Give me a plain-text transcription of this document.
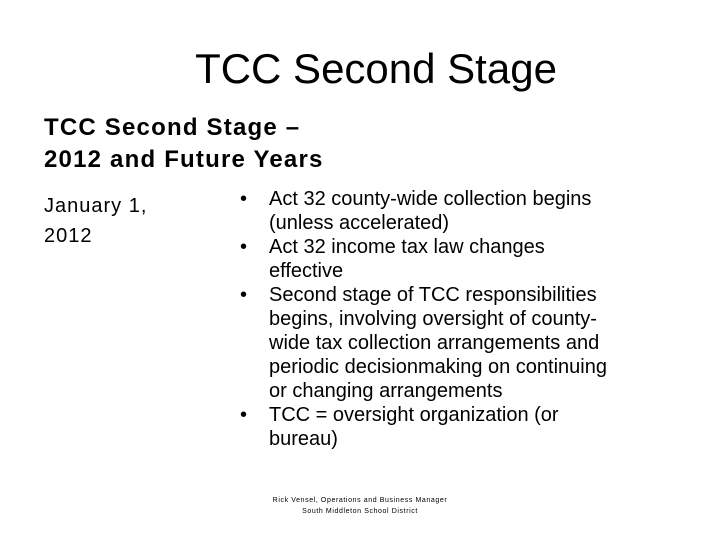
TCC Second Stage
TCC Second Stage –
2012 and Future Years
January 1,
2012
• Act 32 county-wide collection begins
(unless accelerated)
• Act 32 income tax law changes
effective
• Second stage of TCC responsibilities
begins, involving oversight of county-
wide tax collection arrangements and
periodic decisionmaking on continuing
or changing arrangements
• TCC = oversight organization (or
bureau)
Rick Vensel, Operations and Business Manager
South Middleton School District
